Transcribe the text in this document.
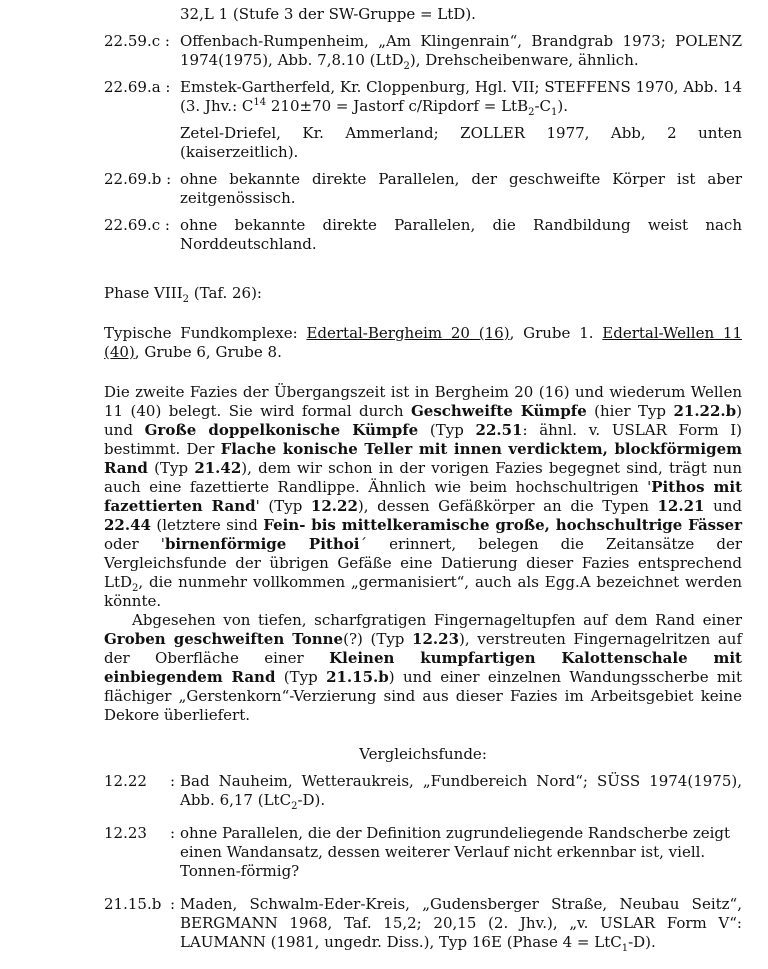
32,L 1 (Stufe 3 der SW-Gruppe = LtD).
22.59.c : Offenbach-Rumpenheim, „Am Klingenrain“, Brandgrab 1973; POLENZ 1974(1975), Abb. 7,8.10 (LtD$_2$), Drehscheibenware, ähnlich.
22.69.a : Emstek-Gartherfeld, Kr. Cloppenburg, Hgl. VII; STEFFENS 1970, Abb. 14 (3. Jhv.: $C^{14}$ 210±70 = Jastorf c/Ripdorf = $LtB_2-C_1$).
Zetel-Driefel, Kr. Ammerland; ZOLLER 1977, Abb, 2 unten (kaiserzeitlich).
22.69.b : ohne bekannte direkte Parallelen, der geschweifte Körper ist aber zeitgenössisch.
22.69.c : ohne bekannte direkte Parallelen, die Randbildung weist nach Norddeutschland.

Phase $VIII_2$ (Taf. 26):

Typische Fundkomplexe: Edertal-Bergheim 20 (16), Grube 1. Edertal-Wellen 11 (40), Grube 6, Grube 8.

Die zweite Fazies der Übergangszeit ist in Bergheim 20 (16) und wiederum Wellen 11 (40) belegt. Sie wird formal durch Geschweifte Kümpfe (hier Typ 21.22.b) und Große doppelkonische Kümpfe (Typ 22.51: ähnl. v. USLAR Form I) bestimmt. Der Flache konische Teller mit innen verdicktem, blockförmigem Rand (Typ 21.42), dem wir schon in der vorigen Fazies begegnet sind, trägt nun auch eine fazettierte Randlippe. Ähnlich wie beim hochschultrigen 'Pithos mit fazettierten Rand' (Typ 12.22), dessen Gefäßkörper an die Typen 12.21 und 22.44 (letztere sind Fein- bis mittelkeramische große, hochschultrige Fässer oder 'birnenförmige Pithoi´ erinnert, belegen die Zeitansätze der Vergleichsfunde der übrigen Gefäße eine Datierung dieser Fazies entsprechend LtD$_2$, die nunmehr vollkommen „germanisiert“, auch als Egg.A bezeichnet werden könnte.

Abgesehen von tiefen, scharfgratigen Fingernageltupfen auf dem Rand einer Groben geschweiften Tonne(?) (Typ 12.23), verstreuten Fingernagelritzen auf der Oberfläche einer Kleinen kumpfartigen Kalottenschale mit einbiegendem Rand (Typ 21.15.b) und einer einzelnen Wandungsscherbe mit flächiger „Gerstenkorn“-Verzierung sind aus dieser Fazies im Arbeitsgebiet keine Dekore überliefert.

Vergleichsfunde:

12.22 : Bad Nauheim, Wetteraukreis, „Fundbereich Nord“; SÜSS 1974(1975), Abb. 6,17 (LtC$_2$-D).
12.23 : ohne Parallelen, die der Definition zugrundeliegende Randscherbe zeigt einen Wandansatz, dessen weiterer Verlauf nicht erkennbar ist, viell. Tonnen-förmig?
21.15.b : Maden, Schwalm-Eder-Kreis, „Gudensberger Straße, Neubau Seitz“, BERGMANN 1968, Taf. 15,2; 20,15 (2. Jhv.), „v. USLAR Form V“: LAUMANN (1981, ungedr. Diss.), Typ 16E (Phase 4 = LtC$_1$-D).
